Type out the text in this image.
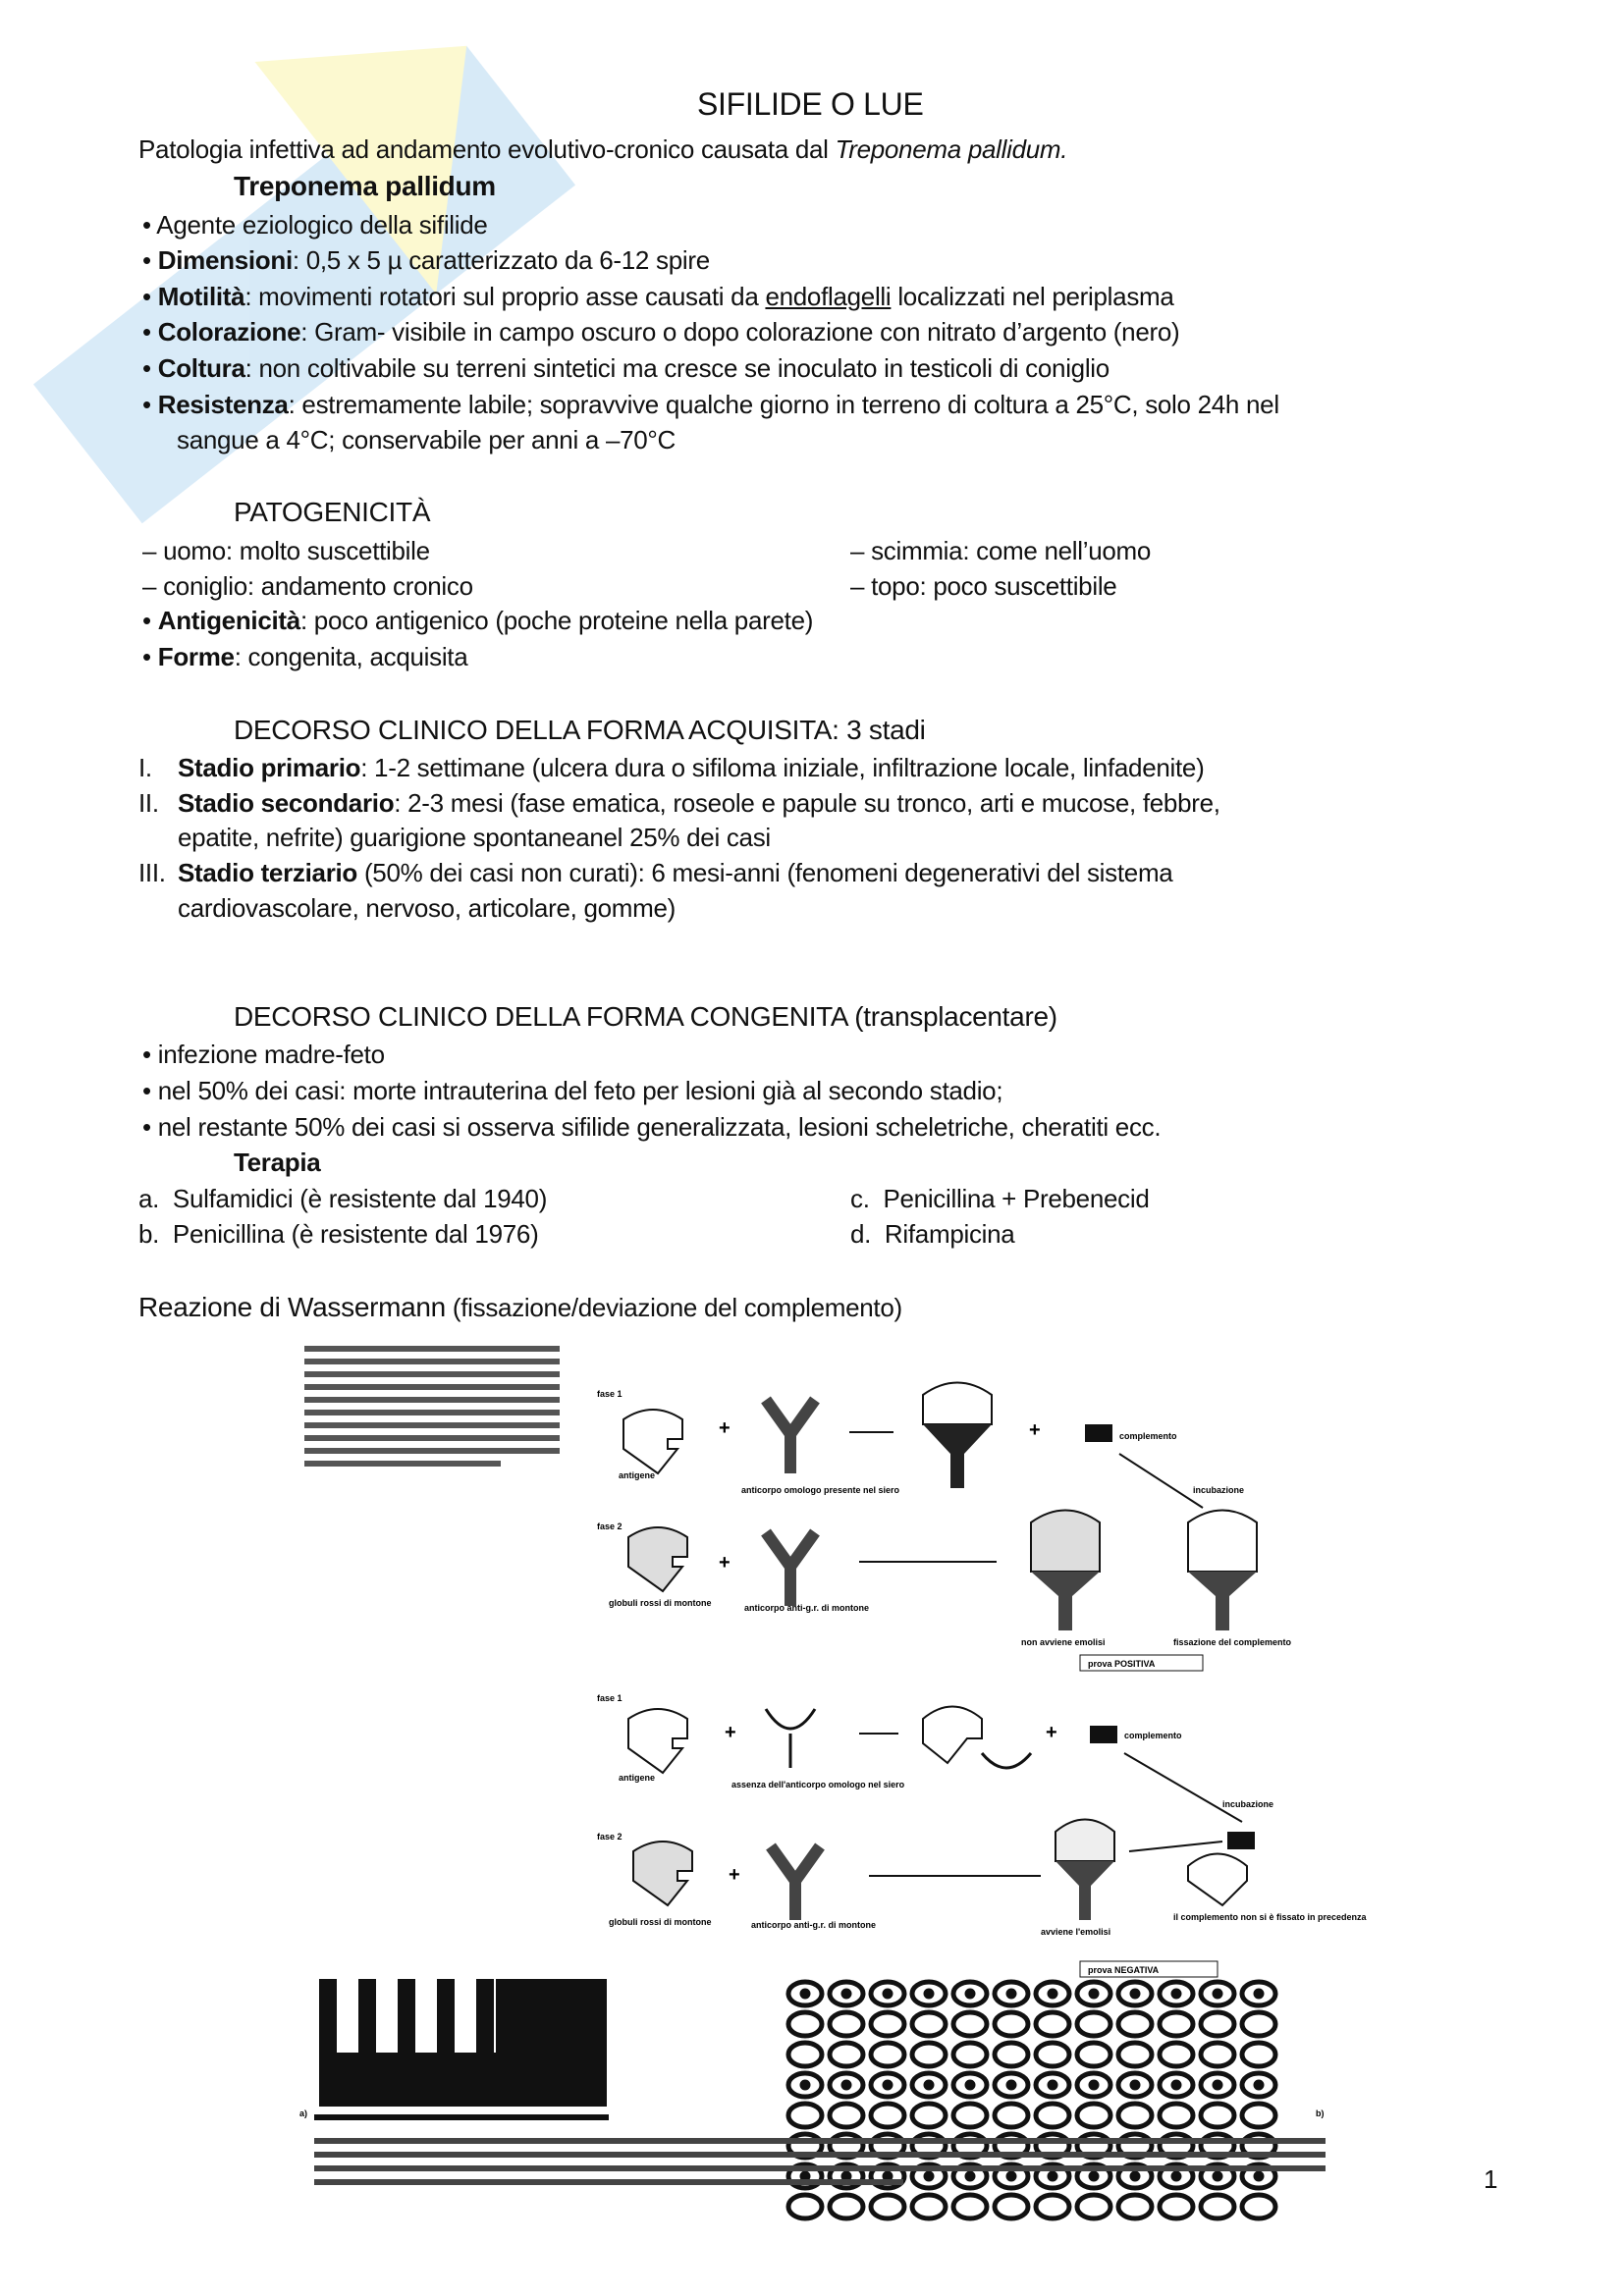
SIFILIDE O LUE
Patologia infettiva ad andamento evolutivo-cronico causata dal Treponema pallidum.
Treponema pallidum
• Agente eziologico della sifilide
• Dimensioni: 0,5 x 5 µ caratterizzato da 6-12 spire
• Motilità: movimenti rotatori sul proprio asse causati da endoflagelli localizzati nel periplasma
• Colorazione: Gram- visibile in campo oscuro o dopo colorazione con nitrato d’argento (nero)
• Coltura: non coltivabile su terreni sintetici ma cresce se inoculato in testicoli di coniglio
• Resistenza: estremamente labile; sopravvive qualche giorno in terreno di coltura a 25°C, solo 24h nel
sangue a 4°C; conservabile per anni a –70°C
PATOGENICITÀ
– uomo: molto suscettibile
– coniglio: andamento cronico
– scimmia: come nell’uomo
– topo: poco suscettibile
• Antigenicità: poco antigenico (poche proteine nella parete)
• Forme: congenita, acquisita
DECORSO CLINICO DELLA FORMA ACQUISITA: 3 stadi
I. Stadio primario: 1-2 settimane (ulcera dura o sifiloma iniziale, infiltrazione locale, linfadenite)
II. Stadio secondario: 2-3 mesi (fase ematica, roseole e papule su tronco, arti e mucose, febbre,
epatite, nefrite) guarigione spontaneanel 25% dei casi
III. Stadio terziario (50% dei casi non curati): 6 mesi-anni (fenomeni degenerativi del sistema
cardiovascolare, nervoso, articolare, gomme)
DECORSO CLINICO DELLA FORMA CONGENITA (transplacentare)
• infezione madre-feto
• nel 50% dei casi: morte intrauterina del feto per lesioni già al secondo stadio;
• nel restante 50% dei casi si osserva sifilide generalizzata, lesioni scheletriche, cheratiti ecc.
Terapia
a.  Sulfamidici (è resistente dal 1940)
b.  Penicillina (è resistente dal 1976)
c.  Penicillina + Prebenecid
d.  Rifampicina
Reazione di Wassermann (fissazione/deviazione del complemento)
fase 1
antigene
+
anticorpo omologo presente nel siero
+	complemento
incubazione
fase 2
globuli rossi di montone
+
anticorpo anti-g.r. di montone
non avviene emolisi	fissazione del complemento
prova POSITIVA
fase 1
antigene
+
assenza dell'anticorpo omologo nel siero
+	complemento
incubazione
fase 2
globuli rossi di montone
+
anticorpo anti-g.r. di montone
avviene l'emolisi
il complemento non si è fissato in precedenza
prova NEGATIVA
a)	b)
1
